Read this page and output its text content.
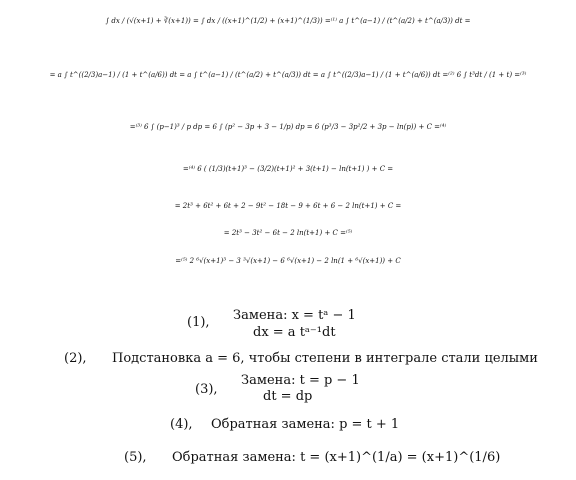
∫ dx / (√(x+1) + ∛(x+1)) = ∫ dx / ((x+1)^(1/2) + (x+1)^(1/3)) =⁽¹⁾ a ∫ t^(a−1) / (t^(a/2) + t^(a/3)) dt =
= a ∫ t^((2/3)a−1) / (1 + t^(a/6)) dt = a ∫ t^(a−1) / (t^(a/2) + t^(a/3)) dt = a ∫ t^((2/3)a−1) / (1 + t^(a/6)) dt =⁽²⁾ 6 ∫ t³dt / (1 + t) =⁽³⁾
=⁽³⁾ 6 ∫ (p−1)³ / p dp = 6 ∫ (p² − 3p + 3 − 1/p) dp = 6 (p³/3 − 3p²/2 + 3p − ln(p)) + C =⁽⁴⁾
=⁽⁴⁾ 6 ( (1/3)(t+1)³ − (3/2)(t+1)² + 3(t+1) − ln(t+1) ) + C =
= 2t³ + 6t² + 6t + 2 − 9t² − 18t − 9 + 6t + 6 − 2 ln(t+1) + C =
= 2t³ − 3t² − 6t − 2 ln(t+1) + C =⁽⁵⁾
=⁽⁵⁾ 2 ⁶√(x+1)³ − 3 ³√(x+1) − 6 ⁶√(x+1) − 2 ln(1 + ⁶√(x+1)) + C
(1), Замена: x = tᵃ − 1
dx = a tᵃ⁻¹dt
(2), Подстановка a = 6, чтобы степени в интеграле стали целыми
(3),
Замена: t = p − 1
dt = dp
(4), Обратная замена: p = t + 1
(5), Обратная замена: t = (x+1)^(1/a) = (x+1)^(1/6)
